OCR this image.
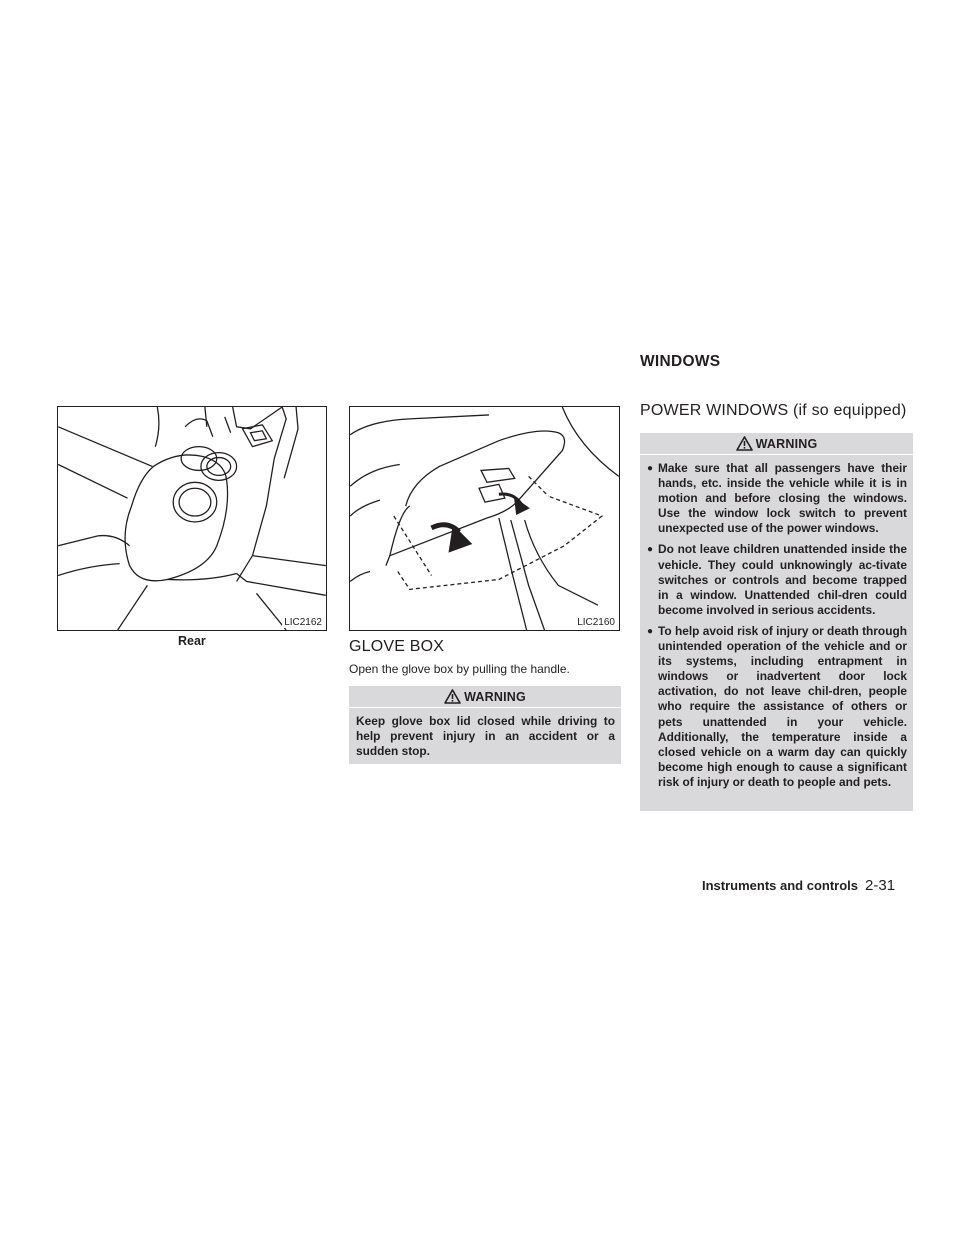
LIC2162
Rear
LIC2160
GLOVE BOX
Open the glove box by pulling the handle.
WARNING
Keep glove box lid closed while driving to help prevent injury in an accident or a sudden stop.
WINDOWS
POWER WINDOWS (if so equipped)
WARNING
● Make sure that all passengers have their hands, etc. inside the vehicle while it is in motion and before closing the windows. Use the window lock switch to prevent unexpected use of the power windows.
● Do not leave children unattended inside the vehicle. They could unknowingly ac-tivate switches or controls and become trapped in a window. Unattended chil-dren could become involved in serious accidents.
● To help avoid risk of injury or death through unintended operation of the vehicle and or its systems, including entrapment in windows or inadvertent door lock activation, do not leave chil-dren, people who require the assistance of others or pets unattended in your vehicle. Additionally, the temperature inside a closed vehicle on a warm day can quickly become high enough to cause a significant risk of injury or death to people and pets.
Instruments and controls 2-31
